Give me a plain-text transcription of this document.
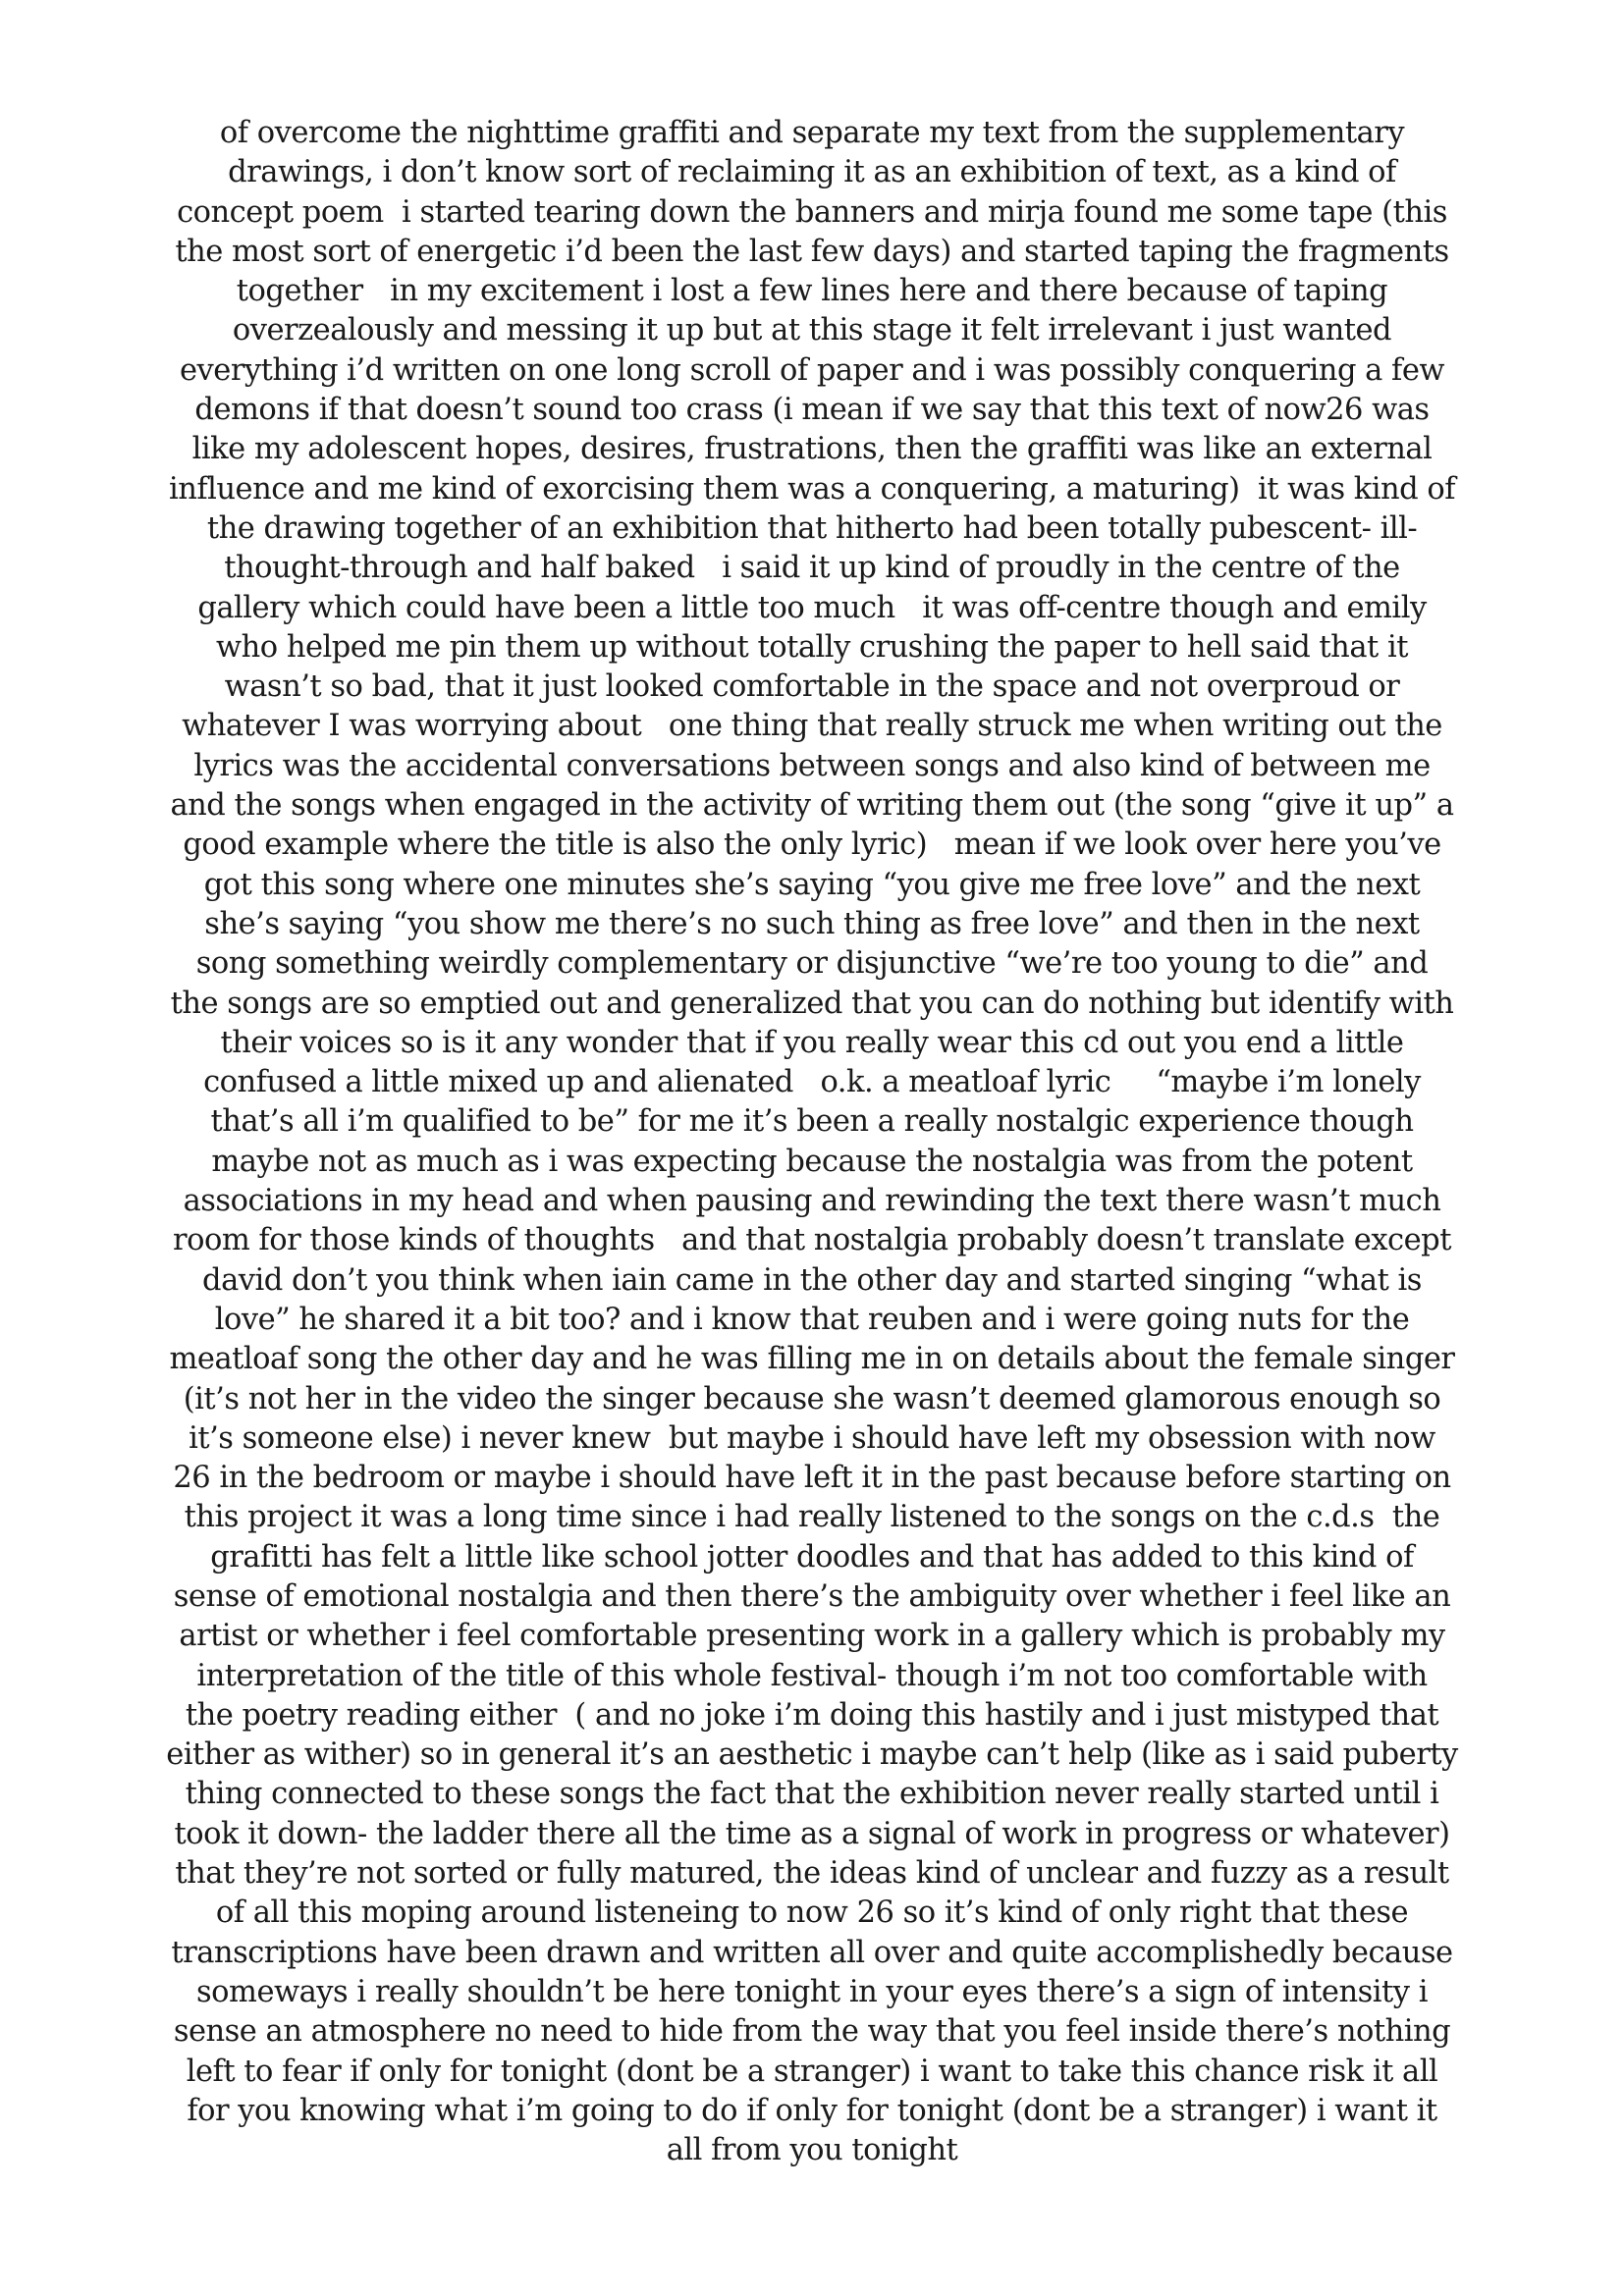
of overcome the nighttime graffiti and separate my text from the supplementary
drawings, i don’t know sort of reclaiming it as an exhibition of text, as a kind of
concept poem  i started tearing down the banners and mirja found me some tape (this
the most sort of energetic i’d been the last few days) and started taping the fragments
together   in my excitement i lost a few lines here and there because of taping
overzealously and messing it up but at this stage it felt irrelevant i just wanted
everything i’d written on one long scroll of paper and i was possibly conquering a few
demons if that doesn’t sound too crass (i mean if we say that this text of now26 was
like my adolescent hopes, desires, frustrations, then the graffiti was like an external
influence and me kind of exorcising them was a conquering, a maturing)  it was kind of
the drawing together of an exhibition that hitherto had been totally pubescent- ill-
thought-through and half baked   i said it up kind of proudly in the centre of the
gallery which could have been a little too much   it was off-centre though and emily
who helped me pin them up without totally crushing the paper to hell said that it
wasn’t so bad, that it just looked comfortable in the space and not overproud or
whatever I was worrying about   one thing that really struck me when writing out the
lyrics was the accidental conversations between songs and also kind of between me
and the songs when engaged in the activity of writing them out (the song “give it up” a
good example where the title is also the only lyric)   mean if we look over here you’ve
got this song where one minutes she’s saying “you give me free love” and the next
she’s saying “you show me there’s no such thing as free love” and then in the next
song something weirdly complementary or disjunctive “we’re too young to die” and
the songs are so emptied out and generalized that you can do nothing but identify with
their voices so is it any wonder that if you really wear this cd out you end a little
confused a little mixed up and alienated   o.k. a meatloaf lyric     “maybe i’m lonely
that’s all i’m qualified to be” for me it’s been a really nostalgic experience though
maybe not as much as i was expecting because the nostalgia was from the potent
associations in my head and when pausing and rewinding the text there wasn’t much
room for those kinds of thoughts   and that nostalgia probably doesn’t translate except
david don’t you think when iain came in the other day and started singing “what is
love” he shared it a bit too? and i know that reuben and i were going nuts for the
meatloaf song the other day and he was filling me in on details about the female singer
(it’s not her in the video the singer because she wasn’t deemed glamorous enough so
it’s someone else) i never knew  but maybe i should have left my obsession with now
26 in the bedroom or maybe i should have left it in the past because before starting on
this project it was a long time since i had really listened to the songs on the c.d.s  the
grafitti has felt a little like school jotter doodles and that has added to this kind of
sense of emotional nostalgia and then there’s the ambiguity over whether i feel like an
artist or whether i feel comfortable presenting work in a gallery which is probably my
interpretation of the title of this whole festival- though i’m not too comfortable with
the poetry reading either  ( and no joke i’m doing this hastily and i just mistyped that
either as wither) so in general it’s an aesthetic i maybe can’t help (like as i said puberty
thing connected to these songs the fact that the exhibition never really started until i
took it down- the ladder there all the time as a signal of work in progress or whatever)
that they’re not sorted or fully matured, the ideas kind of unclear and fuzzy as a result
of all this moping around listeneing to now 26 so it’s kind of only right that these
transcriptions have been drawn and written all over and quite accomplishedly because
someways i really shouldn’t be here tonight in your eyes there’s a sign of intensity i
sense an atmosphere no need to hide from the way that you feel inside there’s nothing
left to fear if only for tonight (dont be a stranger) i want to take this chance risk it all
for you knowing what i’m going to do if only for tonight (dont be a stranger) i want it
all from you tonight
